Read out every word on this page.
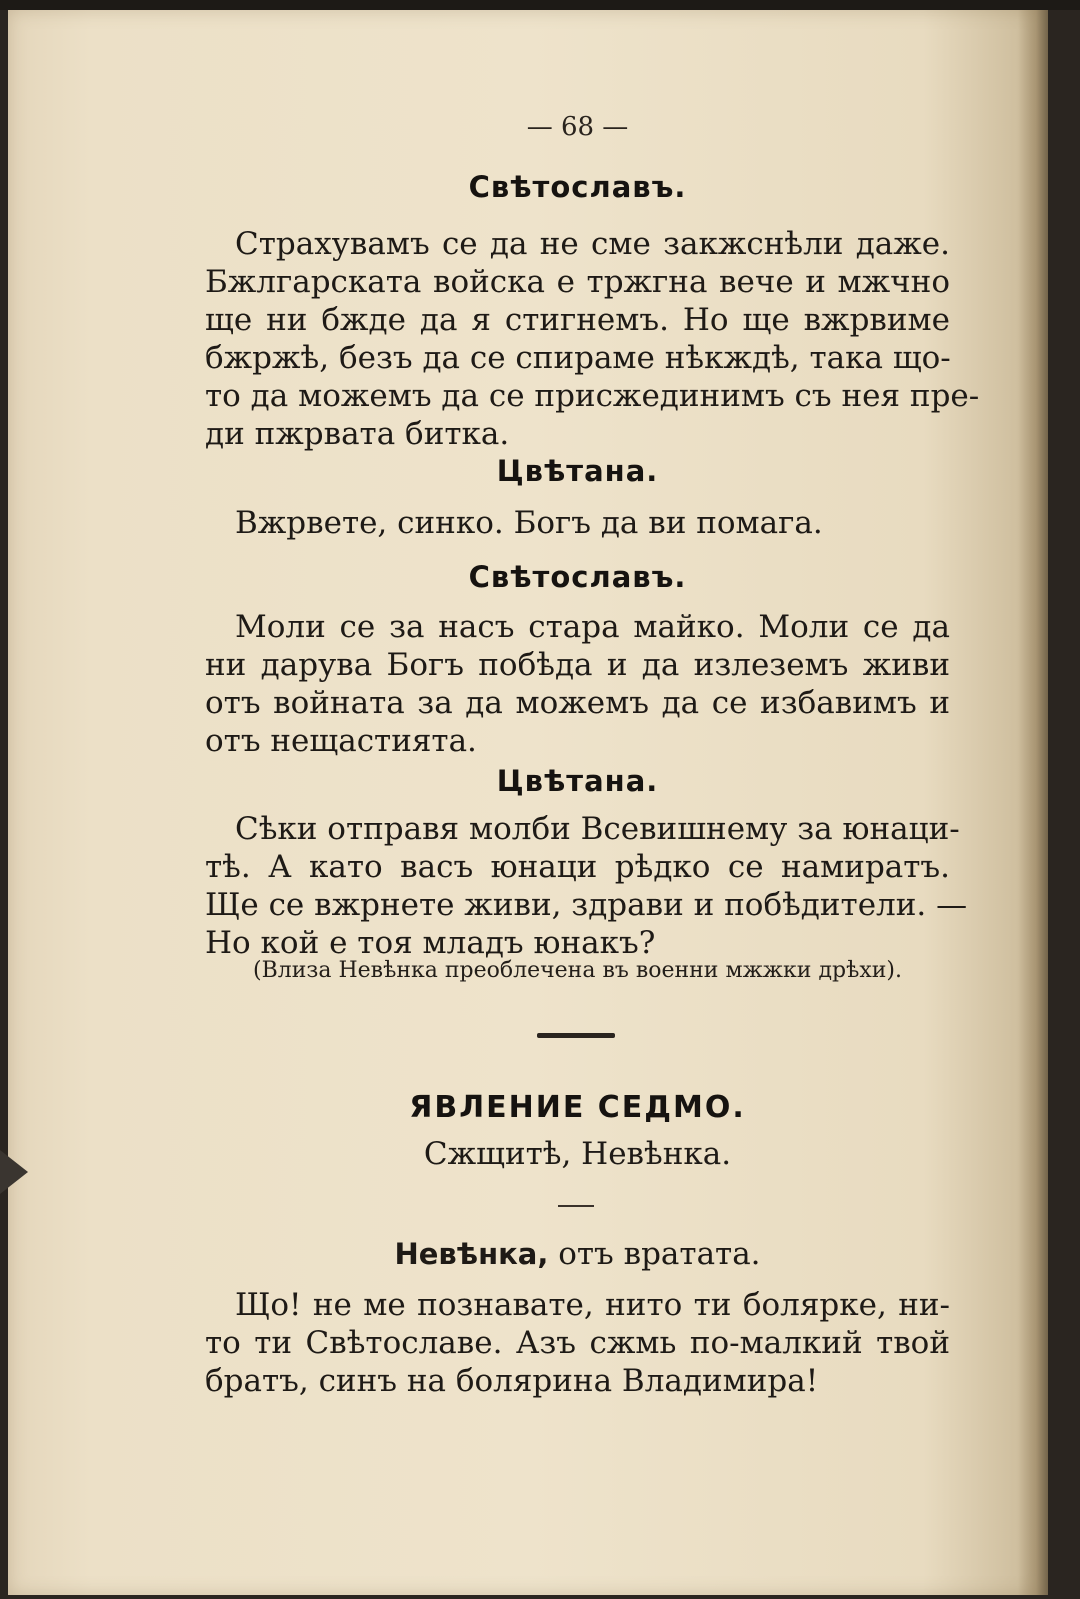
— 68 —
Свѣтославъ.
Страхувамъ се да не сме закжснѣли даже.
Бжлгарската войска е тржгна вече и мжчно
ще ни бжде да я стигнемъ. Но ще вжрвиме
бжржѣ, безъ да се спираме нѣкждѣ, така що-
то да можемъ да се присжединимъ съ нея пре-
ди пжрвата битка.
Цвѣтана.
Вжрвете, синко. Богъ да ви помага.
Свѣтославъ.
Моли се за насъ стара майко. Моли се да
ни дарува Богъ побѣда и да излеземъ живи
отъ войната за да можемъ да се избавимъ и
отъ нещастията.
Цвѣтана.
Сѣки отправя молби Всевишнему за юнаци-
тѣ. А като васъ юнаци рѣдко се намиратъ.
Ще се вжрнете живи, здрави и побѣдители. —
Но кой е тоя младъ юнакъ?
(Влиза Невѣнка преоблечена въ военни мжжки дрѣхи).
ЯВЛЕНИЕ СЕДМО.
Сжщитѣ, Невѣнка.
Невѣнка, отъ вратата.
Що! не ме познавате, нито ти болярке, ни-
то ти Свѣтославе. Азъ сжмь по-малкий твой
братъ, синъ на болярина Владимира!
